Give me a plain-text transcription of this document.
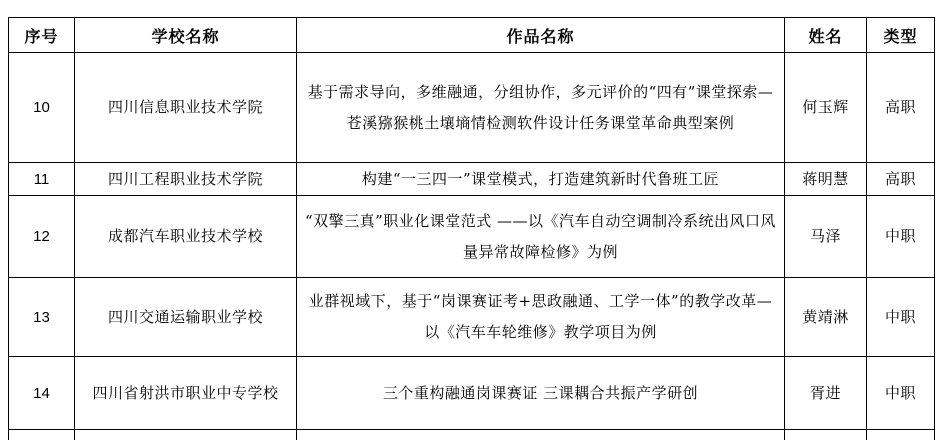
序号	学校名称	作品名称	姓名	类型
10	四川信息职业技术学院	基于需求导向，多维融通，分组协作，多元评价的“四有”课堂探索—苍溪猕猴桃土壤墒情检测软件设计任务课堂革命典型案例	何玉辉	高职
11	四川工程职业技术学院	构建“一三四一”课堂模式，打造建筑新时代鲁班工匠	蒋明慧	高职
12	成都汽车职业技术学校	“双擎三真”职业化课堂范式 ——以《汽车自动空调制冷系统出风口风量异常故障检修》为例	马泽	中职
13	四川交通运输职业学校	业群视域下，基于“岗课赛证考+思政融通、工学一体”的教学改革—以《汽车车轮维修》教学项目为例	黄靖淋	中职
14	四川省射洪市职业中专学校	三个重构融通岗课赛证 三课耦合共振产学研创	胥进	中职
